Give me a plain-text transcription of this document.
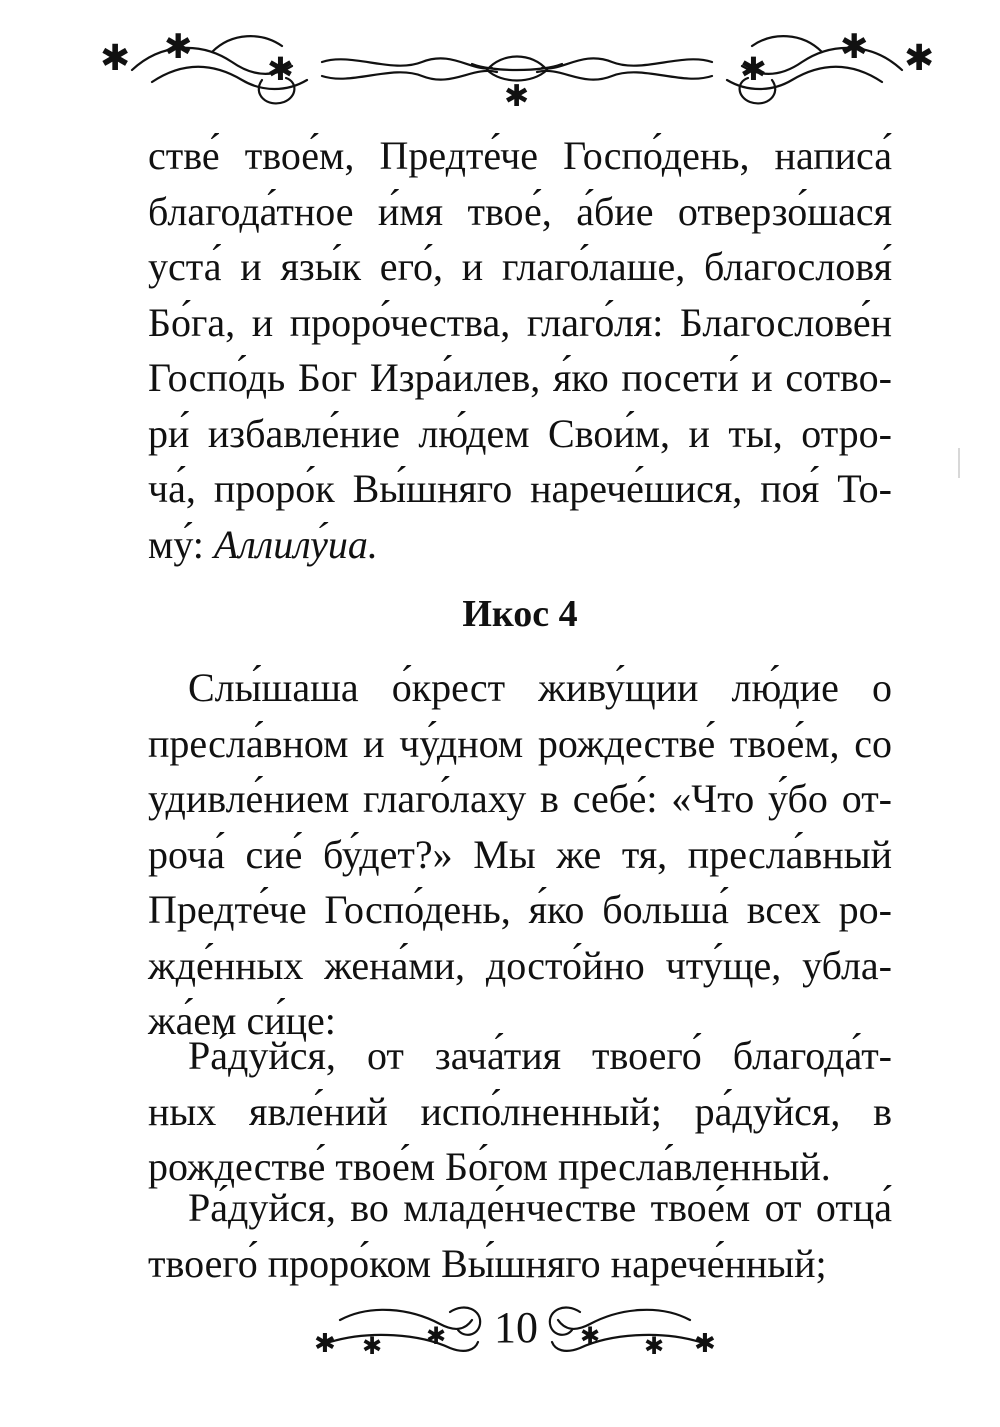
✱ ✱
✱
✱
✱
✱ ✱
стве́ твое́м, Предте́че Госпо́день, написа́
благода́тное и́мя твое́, а́бие отверзо́шася
уста́ и язы́к его́, и глаго́лаше, благословя́
Бо́га, и проро́чества, глаго́ля: Благослове́н
Госпо́дь Бог Изра́илев, я́ко посети́ и сотво-
ри́ избавле́ние лю́дем Свои́м, и ты, отро-
ча́, проро́к Вы́шняго нарече́шися, поя́ То-
му́: Аллилу́иа.
Икос 4
Слы́шаша о́крест живу́щии лю́дие о
пресла́вном и чу́дном рождестве́ твое́м, со
удивле́нием глаго́лаху в себе́: «Что у́бо от-
роча́ сие́ бу́дет?» Мы же тя, пресла́вный
Предте́че Госпо́день, я́ко больша́ всех ро-
жде́нных жена́ми, досто́йно чту́ще, убла-
жа́ем си́це:
Ра́дуйся, от зача́тия твоего́ благода́т-
ных явле́ний испо́лненный; ра́дуйся, в
рождестве́ твое́м Бо́гом пресла́вленный.
Ра́дуйся, во младе́нчестве твое́м от отца́
твоего́ проро́ком Вы́шняго нарече́нный;
✱ ✱ ✱	✱ ✱ ✱
10
